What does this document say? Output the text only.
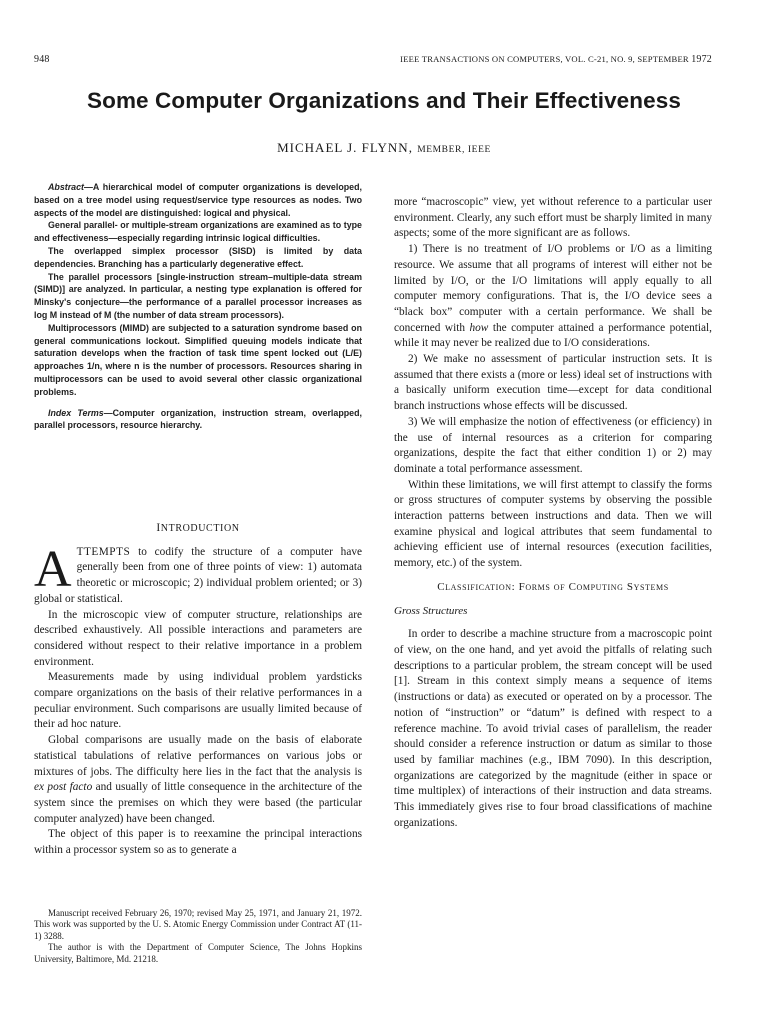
948	IEEE TRANSACTIONS ON COMPUTERS, VOL. C-21, NO. 9, SEPTEMBER 1972
Some Computer Organizations and Their Effectiveness
MICHAEL J. FLYNN, MEMBER, IEEE

Abstract—A hierarchical model of computer organizations is developed, based on a tree model using request/service type resources as nodes. Two aspects of the model are distinguished: logical and physical.

General parallel- or multiple-stream organizations are examined as to type and effectiveness—especially regarding intrinsic logical difficulties.

The overlapped simplex processor (SISD) is limited by data dependencies. Branching has a particularly degenerative effect.

The parallel processors [single-instruction stream–multiple-data stream (SIMD)] are analyzed. In particular, a nesting type explanation is offered for Minsky's conjecture—the performance of a parallel processor increases as log M instead of M (the number of data stream processors).

Multiprocessors (MIMD) are subjected to a saturation syndrome based on general communications lockout. Simplified queuing models indicate that saturation develops when the fraction of task time spent locked out (L/E) approaches 1/n, where n is the number of processors. Resources sharing in multiprocessors can be used to avoid several other classic organizational problems.

Index Terms—Computer organization, instruction stream, overlapped, parallel processors, resource hierarchy.

INTRODUCTION

ATTEMPTS to codify the structure of a computer have generally been from one of three points of view: 1) automata theoretic or microscopic; 2) individual problem oriented; or 3) global or statistical.

In the microscopic view of computer structure, relationships are described exhaustively. All possible interactions and parameters are considered without respect to their relative importance in a problem environment.

Measurements made by using individual problem yardsticks compare organizations on the basis of their relative performances in a peculiar environment. Such comparisons are usually limited because of their ad hoc nature.

Global comparisons are usually made on the basis of elaborate statistical tabulations of relative performances on various jobs or mixtures of jobs. The difficulty here lies in the fact that the analysis is ex post facto and usually of little consequence in the architecture of the system since the premises on which they were based (the particular computer analyzed) have been changed.

The object of this paper is to reexamine the principal interactions within a processor system so as to generate a

Manuscript received February 26, 1970; revised May 25, 1971, and January 21, 1972. This work was supported by the U. S. Atomic Energy Commission under Contract AT (11-1) 3288.

The author is with the Department of Computer Science, The Johns Hopkins University, Baltimore, Md. 21218.

more “macroscopic” view, yet without reference to a particular user environment. Clearly, any such effort must be sharply limited in many aspects; some of the more significant are as follows.

1) There is no treatment of I/O problems or I/O as a limiting resource. We assume that all programs of interest will either not be limited by I/O, or the I/O limitations will apply equally to all computer memory configurations. That is, the I/O device sees a “black box” computer with a certain performance. We shall be concerned with how the computer attained a performance potential, while it may never be realized due to I/O considerations.

2) We make no assessment of particular instruction sets. It is assumed that there exists a (more or less) ideal set of instructions with a basically uniform execution time—except for data conditional branch instructions whose effects will be discussed.

3) We will emphasize the notion of effectiveness (or efficiency) in the use of internal resources as a criterion for comparing organizations, despite the fact that either condition 1) or 2) may dominate a total performance assessment.

Within these limitations, we will first attempt to classify the forms or gross structures of computer systems by observing the possible interaction patterns between instructions and data. Then we will examine physical and logical attributes that seem fundamental to achieving efficient use of internal resources (execution facilities, memory, etc.) of the system.

Classification: Forms of Computing Systems

Gross Structures

In order to describe a machine structure from a macroscopic point of view, on the one hand, and yet avoid the pitfalls of relating such descriptions to a particular problem, the stream concept will be used [1]. Stream in this context simply means a sequence of items (instructions or data) as executed or operated on by a processor. The notion of “instruction” or “datum” is defined with respect to a reference machine. To avoid trivial cases of parallelism, the reader should consider a reference instruction or datum as similar to those used by familiar machines (e.g., IBM 7090). In this description, organizations are categorized by the magnitude (either in space or time multiplex) of interactions of their instruction and data streams. This immediately gives rise to four broad classifications of machine organizations.
